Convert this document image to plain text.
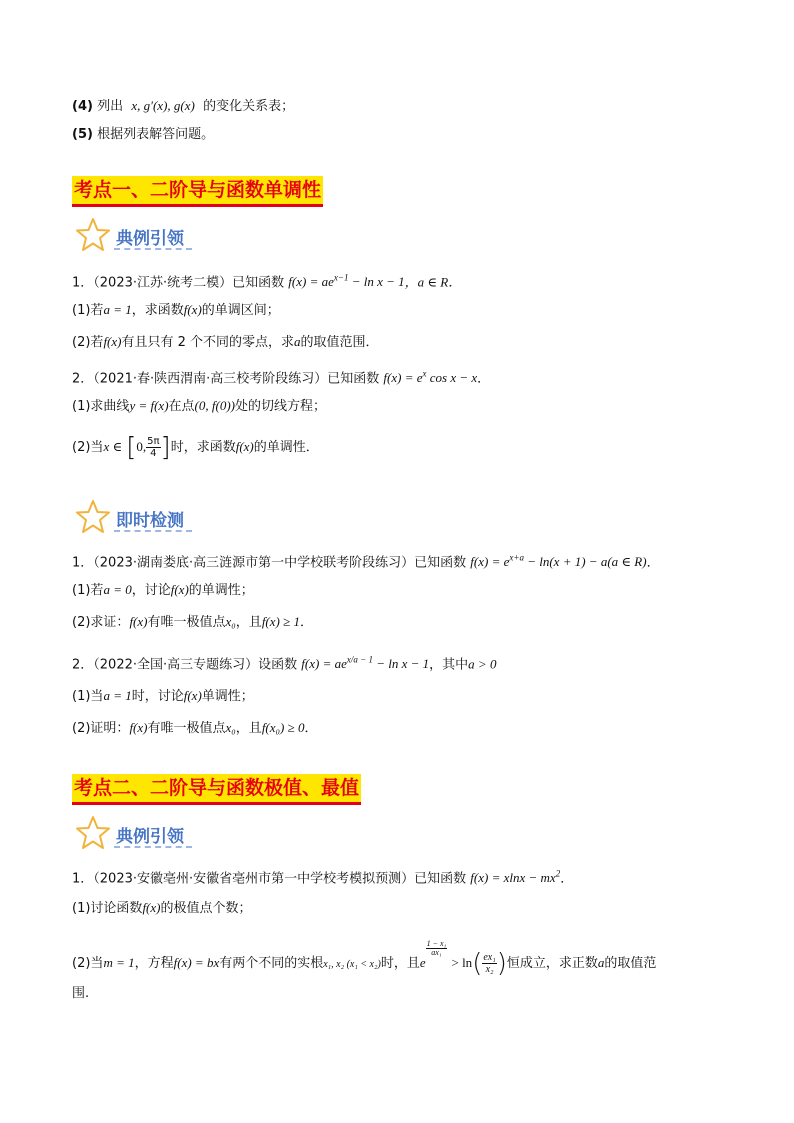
(4) 列出 x, g′(x), g(x) 的变化关系表；
(5) 根据列表解答问题。
考点一、二阶导与函数单调性
典例引领
1．（2023·江苏·统考二模）已知函数 $f(x) = ae^{x-1} - \ln x - 1$，a ∈ R．
(1)若a = 1，求函数f(x)的单调区间；
(2)若f(x)有且只有 2 个不同的零点，求a的取值范围．
2．（2021·春·陕西渭南·高三校考阶段练习）已知函数 $f(x) = e^x$ cos x − x．
(1)求曲线y = f(x)在点(0, f(0))处的切线方程；
(2)当x ∈ [0, $\frac{5\pi}{4}$ ]时，求函数f(x)的单调性．
即时检测
1．（2023·湖南娄底·高三涟源市第一中学校联考阶段练习）已知函数 $f(x) = e^{x+a} - \ln(x + 1) - a(a$ ∈ R)．
(1)若a = 0，讨论f(x)的单调性；
(2)求证：f(x)有唯一极值点x₀，且f(x) ≥ 1．
2．（2022·全国·高三专题练习）设函数 $f(x) = ae^{x/a - 1} - \ln x - 1$，其中a > 0
(1)当a = 1时，讨论f(x)单调性；
(2)证明：f(x)有唯一极值点x₀，且f(x₀) ≥ 0．
考点二、二阶导与函数极值、最值
典例引领
1．（2023·安徽亳州·安徽省亳州市第一中学校考模拟预测）已知函数 $f(x) = xlnx - mx^2$．
(1)讨论函数f(x)的极值点个数；
(2)当m = 1，方程f(x) = bx有两个不同的实根x₁, x₂ (x₁ < x₂)时，且e
$\frac{\text{1 − x₁}}{\text{ax₁}}$
> $\ln( \frac{\text{ex₁}}{\text{x₂}}$ )恒成立，求正数a的取值范
围.
